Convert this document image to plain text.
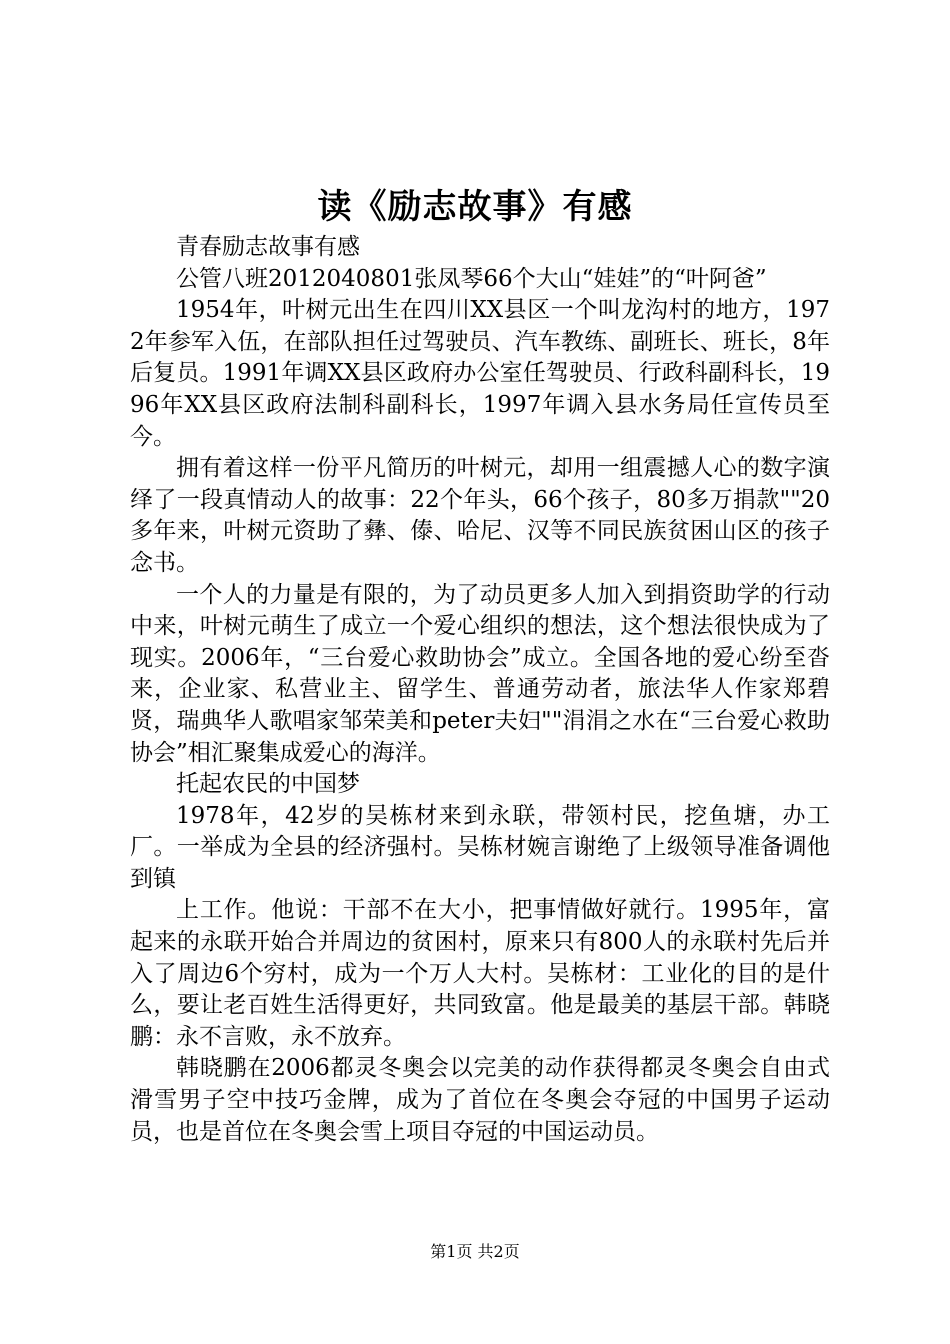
读《励志故事》有感

青春励志故事有感

公管八班2012040801张凤琴66个大山“娃娃”的“叶阿爸”

1954年，叶树元出生在四川XX县区一个叫龙沟村的地方，1972年参军入伍，在部队担任过驾驶员、汽车教练、副班长、班长，8年后复员。1991年调XX县区政府办公室任驾驶员、行政科副科长，1996年XX县区政府法制科副科长，1997年调入县水务局任宣传员至今。

拥有着这样一份平凡简历的叶树元，却用一组震撼人心的数字演绎了一段真情动人的故事：22个年头，66个孩子，80多万捐款""20多年来，叶树元资助了彝、傣、哈尼、汉等不同民族贫困山区的孩子念书。

一个人的力量是有限的，为了动员更多人加入到捐资助学的行动中来，叶树元萌生了成立一个爱心组织的想法，这个想法很快成为了现实。2006年，“三台爱心救助协会”成立。全国各地的爱心纷至沓来，企业家、私营业主、留学生、普通劳动者，旅法华人作家郑碧贤，瑞典华人歌唱家邹荣美和peter夫妇""涓涓之水在“三台爱心救助协会”相汇聚集成爱心的海洋。

托起农民的中国梦

1978年，42岁的吴栋材来到永联，带领村民，挖鱼塘，办工厂。一举成为全县的经济强村。吴栋材婉言谢绝了上级领导准备调他到镇

上工作。他说：干部不在大小，把事情做好就行。1995年，富起来的永联开始合并周边的贫困村，原来只有800人的永联村先后并入了周边6个穷村，成为一个万人大村。吴栋材：工业化的目的是什么，要让老百姓生活得更好，共同致富。他是最美的基层干部。韩晓鹏：永不言败，永不放弃。

韩晓鹏在2006都灵冬奥会以完美的动作获得都灵冬奥会自由式滑雪男子空中技巧金牌，成为了首位在冬奥会夺冠的中国男子运动员，也是首位在冬奥会雪上项目夺冠的中国运动员。

第1页 共2页
